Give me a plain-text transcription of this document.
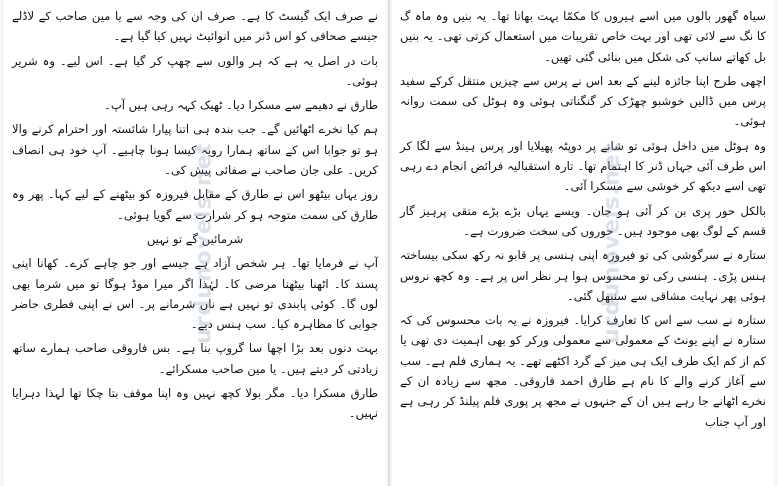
سیاہ گھور بالوں میں اسے ہیروں کا مکمّا بہت بھاتا تھا۔ یہ بنیں وہ ماہ گ کا نگ سے لائی تھی اور بہت خاص تقریبات میں استعمال کرتی تھی۔ یہ بنیں بل کھاتے سانپ کی شکل میں بنائی گئی تھیں۔

اچھی طرح اپنا جائزہ لینے کے بعد اس نے پرس سے چیزیں منتقل کرکے سفید پرس میں ڈالیں خوشبو چھڑک کر گنگناتی ہوئی وہ ہوٹل کی سمت روانہ ہوئی۔

وہ ہوٹل میں داخل ہوئی تو شانے پر دوپٹہ پھیلایا اور پرس ہینڈ سے لگا کر اس طرف آئی جہاں ڈنر کا اہتمام تھا۔ تارہ استقبالیہ فرائض انجام دے رہی تھی اسے دیکھ کر خوشی سے مسکرا آئی۔

بالکل حور پری بن کر آئی ہو جان۔ ویسے یہاں بڑے بڑے متقی پرہیز گار قسم کے لوگ بھی موجود ہیں۔ حوروں کی سخت ضرورت ہے۔

ستارہ نے سرگوشی کی تو فیروزہ اپنی ہنسی پر قابو نہ رکھ سکی بیساختہ ہنس پڑی۔ ہنسی رکی تو محسوس ہوا ہر نظر اس پر ہے۔ وہ کچھ نروس ہوئی پھر نہایت مشاقی سے سنبھل گئی۔

ستارہ نے سب سے اس کا تعارف کرایا۔ فیروزہ نے یہ بات محسوس کی کہ ستارہ نے اپنے یونٹ کے معمولی سے معمولی ورکر کو بھی اہمیت دی تھی یا کم از کم ایک طرف ایک ہی میز کے گرد اکٹھے تھے۔ یہ ہماری فلم ہے۔ سب سے آغاز کرنے والے کا نام ہے طارق احمد فاروقی۔ مجھ سے زیادہ ان کے نخرے اٹھانے جا رہے ہیں ان کے جنہوں نے مجھ پر پوری فلم پیلنڈ کر رہی ہے اور آپ جناب

نے صرف ایک گیسٹ کا ہے۔ صرف ان کی وجہ سے یا مین صاحب کے لاڈلے جیسے صحافی کو اس ڈنر میں انوائیٹ نہیں کیا گیا ہے۔

بات در اصل یہ ہے کہ ہر والوں سے چھپ کر گیا ہے۔ اس لیے۔ وہ شریر ہوئی۔

طارق نے دھیمے سے مسکرا دیا۔ ٹھیک کہہ رہی ہیں آپ۔

ہم کیا نخرے اٹھائیں گے۔ جب بندہ ہی اتنا پیارا شائستہ اور احترام کرنے والا ہو تو جوابا اس کے ساتھ ہمارا رویہ کیسا ہونا چاہیے۔ آپ خود ہی انصاف کریں۔ علی جان صاحب نے صفائی پیش کی۔

روز یہاں بیٹھو اس نے طارق کے مقابل فیروزہ کو بیٹھنے کے لیے کہا۔ پھر وہ طارق کی سمت متوجہ ہو کر شرارت سے گویا ہوئی۔

شرمائیں گے تو نہیں

آپ نے فرمایا تھا۔ ہر شخص آزاد ہے جیسے اور جو چاہے کرے۔ کھانا اپنی پسند کا۔ اٹھنا بیٹھنا مرضی کا۔ لہٰذا اگر میرا موڈ ہوگا تو میں شرما بھی لوں گا۔ کوئی پابندی تو نہیں ہے ناں شرمانے پر۔ اس نے اپنی فطری حاضر جوابی کا مظاہرہ کیا۔ سب ہنس دیے۔

بہت دنوں بعد بڑا اچھا سا گروپ بنا ہے۔ بس فاروقی صاحب ہمارے ساتھ زیادتی کر دیتے ہیں۔ یا مین صاحب مسکرائے۔

طارق مسکرا دیا۔ مگر بولا کچھ نہیں وہ اپنا موقف بتا چکا تھا لہذا دہرایا نہیں۔

urdunovels.net
urdunovels.net
